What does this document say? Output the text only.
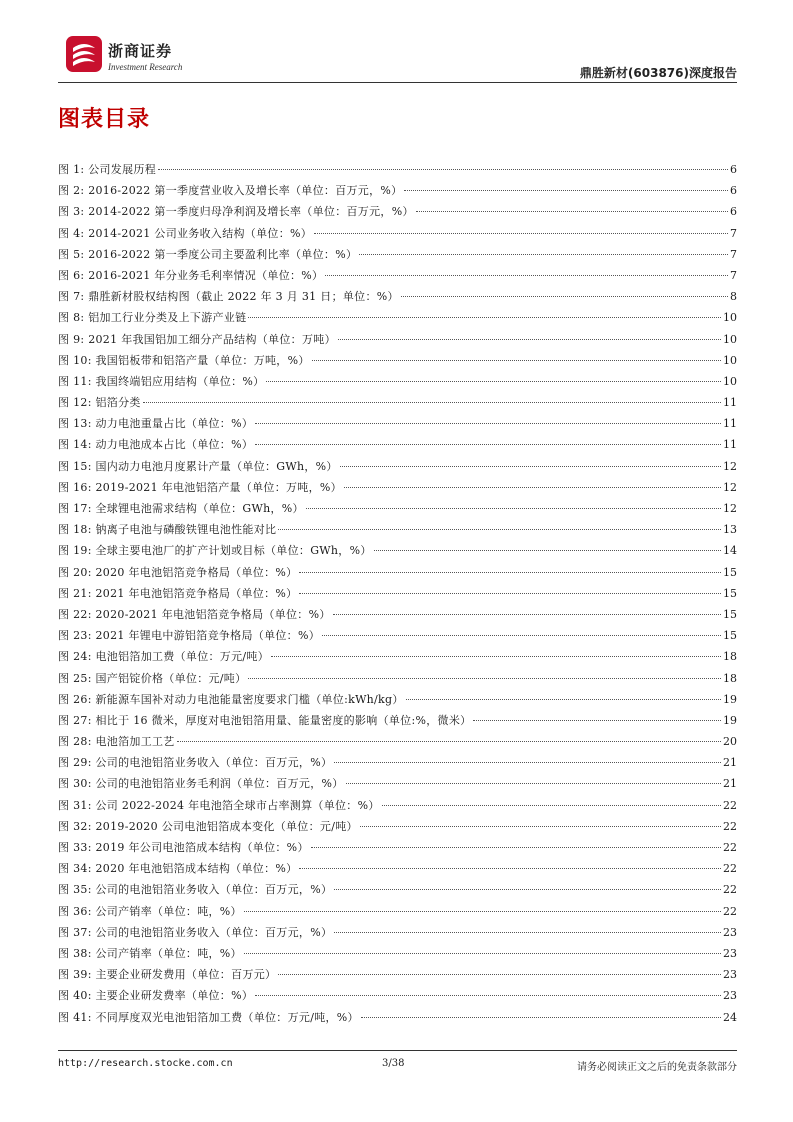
浙商证券
Investment Research	鼎胜新材(603876)深度报告
图表目录
图 1: 公司发展历程	6
图 2: 2016-2022 第一季度营业收入及增长率（单位：百万元，%）	6
图 3: 2014-2022 第一季度归母净利润及增长率（单位：百万元，%）	6
图 4: 2014-2021 公司业务收入结构（单位：%）	7
图 5: 2016-2022 第一季度公司主要盈利比率（单位：%）	7
图 6: 2016-2021 年分业务毛利率情况（单位：%）	7
图 7: 鼎胜新材股权结构图（截止 2022 年 3 月 31 日；单位：%）	8
图 8: 铝加工行业分类及上下游产业链	10
图 9: 2021 年我国铝加工细分产品结构（单位：万吨）	10
图 10: 我国铝板带和铝箔产量（单位：万吨，%）	10
图 11: 我国终端铝应用结构（单位：%）	10
图 12: 铝箔分类	11
图 13: 动力电池重量占比（单位：%）	11
图 14: 动力电池成本占比（单位：%）	11
图 15: 国内动力电池月度累计产量（单位：GWh，%）	12
图 16: 2019-2021 年电池铝箔产量（单位：万吨，%）	12
图 17: 全球锂电池需求结构（单位：GWh，%）	12
图 18: 钠离子电池与磷酸铁锂电池性能对比	13
图 19: 全球主要电池厂的扩产计划或目标（单位：GWh，%）	14
图 20: 2020 年电池铝箔竞争格局（单位：%）	15
图 21: 2021 年电池铝箔竞争格局（单位：%）	15
图 22: 2020-2021 年电池铝箔竞争格局（单位：%）	15
图 23: 2021 年锂电中游铝箔竞争格局（单位：%）	15
图 24: 电池铝箔加工费（单位：万元/吨）	18
图 25: 国产铝锭价格（单位：元/吨）	18
图 26: 新能源车国补对动力电池能量密度要求门槛（单位:kWh/kg）	19
图 27: 相比于 16 微米，厚度对电池铝箔用量、能量密度的影响（单位:%，微米）	19
图 28: 电池箔加工工艺	20
图 29: 公司的电池铝箔业务收入（单位：百万元，%）	21
图 30: 公司的电池铝箔业务毛利润（单位：百万元，%）	21
图 31: 公司 2022-2024 年电池箔全球市占率测算（单位：%）	22
图 32: 2019-2020 公司电池铝箔成本变化（单位：元/吨）	22
图 33: 2019 年公司电池箔成本结构（单位：%）	22
图 34: 2020 年电池铝箔成本结构（单位：%）	22
图 35: 公司的电池铝箔业务收入（单位：百万元，%）	22
图 36: 公司产销率（单位：吨，%）	22
图 37: 公司的电池铝箔业务收入（单位：百万元，%）	23
图 38: 公司产销率（单位：吨，%）	23
图 39: 主要企业研发费用（单位：百万元）	23
图 40: 主要企业研发费率（单位：%）	23
图 41: 不同厚度双光电池铝箔加工费（单位：万元/吨，%）	24
http://research.stocke.com.cn	3/38	请务必阅读正文之后的免责条款部分
